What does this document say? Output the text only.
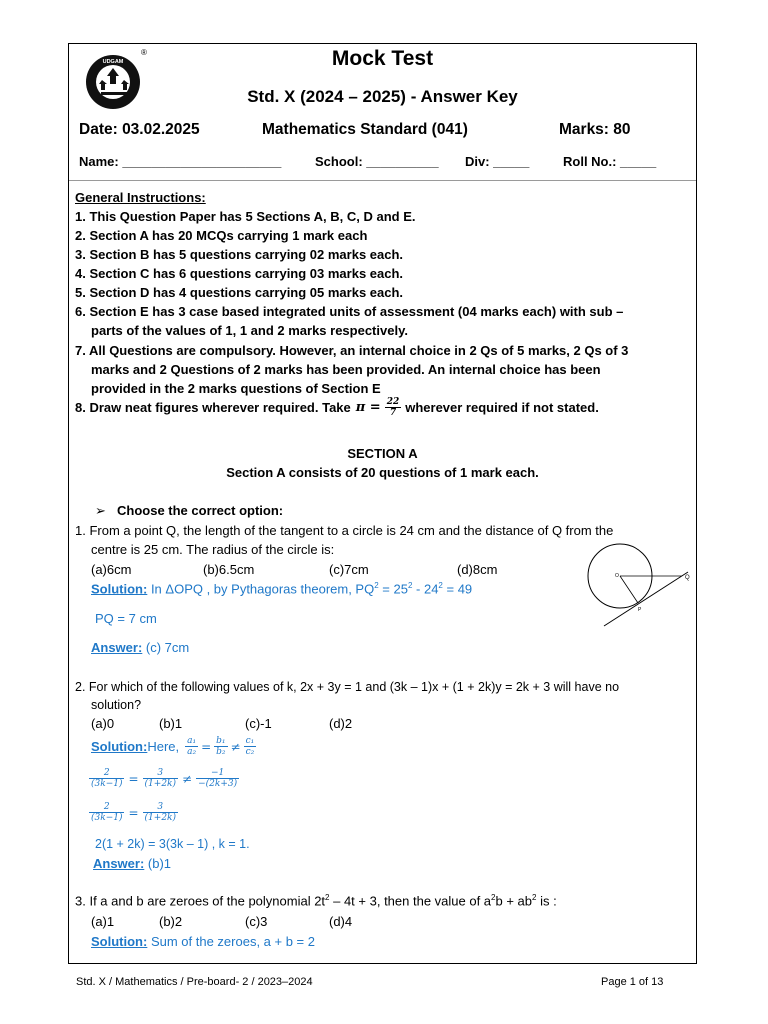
UDGAM
®	Mock Test
Std. X (2024 – 2025) - Answer Key
Date: 03.02.2025	Mathematics Standard (041)	Marks: 80
Name: ______________________	School: __________ Div: _____	Roll No.: _____
General Instructions:
1. This Question Paper has 5 Sections A, B, C, D and E.
2. Section A has 20 MCQs carrying 1 mark each
3. Section B has 5 questions carrying 02 marks each.
4. Section C has 6 questions carrying 03 marks each.
5. Section D has 4 questions carrying 05 marks each.
6. Section E has 3 case based integrated units of assessment (04 marks each) with sub –
parts of the values of 1, 1 and 2 marks respectively.
7. All Questions are compulsory. However, an internal choice in 2 Qs of 5 marks, 2 Qs of 3
marks and 2 Questions of 2 marks has been provided. An internal choice has been
provided in the 2 marks questions of Section E
8. Draw neat figures wherever required. Take $\pi = \frac{22}{7}$ wherever required if not stated.
SECTION A
Section A consists of 20 questions of 1 mark each.
➢ Choose the correct option:
1. From a point Q, the length of the tangent to a circle is 24 cm and the distance of Q from the
centre is 25 cm. The radius of the circle is:
(a)6cm	(b)6.5cm	(c)7cm	(d)8cm
Solution: In ΔOPQ , by Pythagoras theorem, $PQ^2 = 25^2 - 24^2 = 49$
PQ = 7 cm
Answer: (c) 7cm
O	Q
P
2. For which of the following values of k, 2x + 3y = 1 and (3k – 1)x + (1 + 2k)y = 2k + 3 will have no
solution?
(a)0	(b)1	(c)-1	(d)2
Solution: Here, $\frac{\text{a₁}}{\text{a₂}} = \frac{\text{b₁}}{\text{b₂}} \ne \frac{\text{c₁}}{\text{c₂}}$
$\frac{2}{(3k-1)} = \frac{3}{(1+2k)} \ne \frac{-1}{-(2k+3)}$
$\frac{2}{(3k-1)} = \frac{3}{(1+2k)}$
2(1 + 2k) = 3(3k – 1) , k = 1.
Answer: (b)1
3. If a and b are zeroes of the polynomial $2t^2 - 4t + 3$, then the value of $a^2b + ab^2$ is :
(a)1	(b)2	(c)3	(d)4
Solution: Sum of the zeroes, a + b = 2
Std. X / Mathematics / Pre-board- 2 / 2023–2024	Page 1 of 13
